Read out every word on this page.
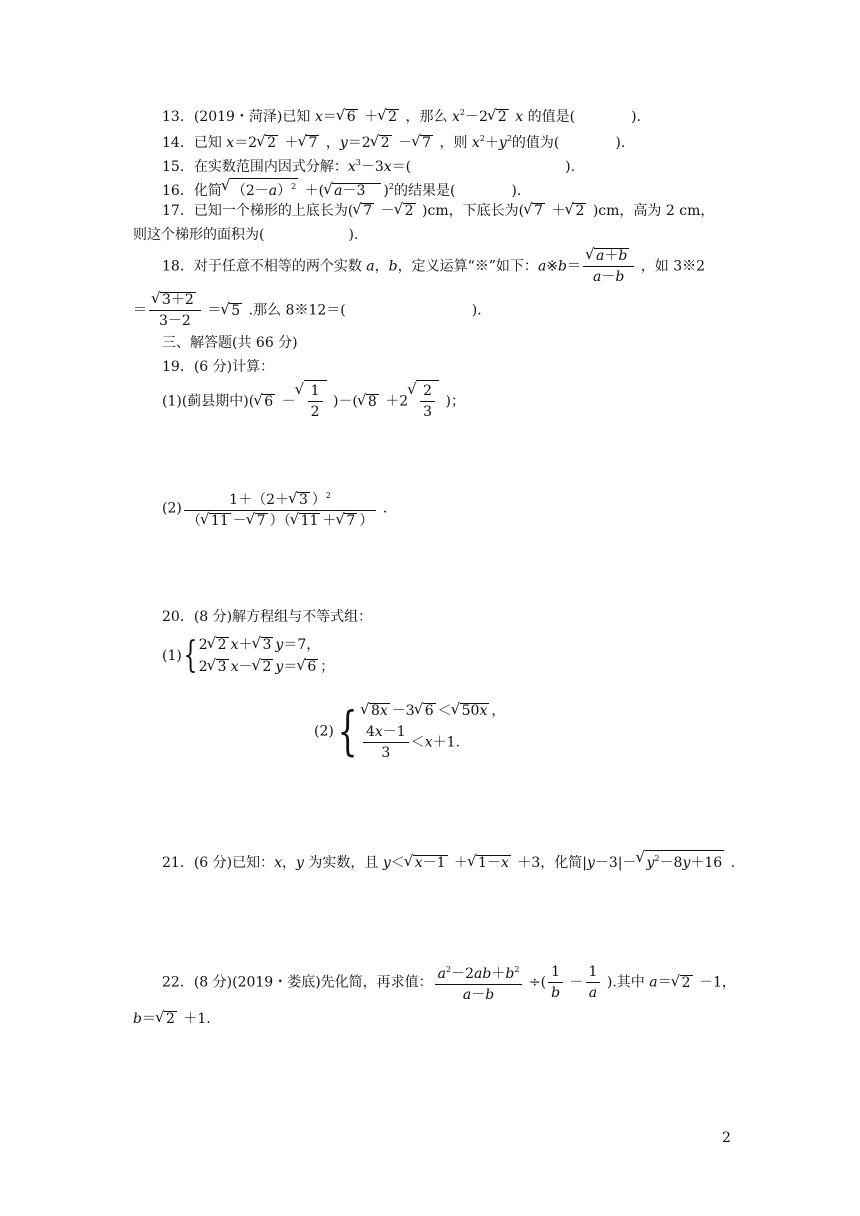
13．(2019・菏泽)已知 x＝√ 6 ＋√ 2 ，那么 $x^2-2√$ 2 x 的值是(　　　　).
14．已知 x＝2√ 2 ＋√ 7 ，y＝2√ 2 －√ 7 ，则 $x^2+y^2$的值为(　　　　).
15．在实数范围内因式分解：$x^3-3x=$(　　　　　　　　　　　).
16．化简√ $(2-a)^2$ ＋(√ a－3　)$^2$的结果是(　　　　).
17．已知一个梯形的上底长为(√ 7 －√ 2 )cm，下底长为(√ 7 ＋√ 2 )cm，高为 2 cm，
则这个梯形的面积为(　　　　　　).
18．对于任意不相等的两个实数 a，b，定义运算“※”如下：a※b＝
√ $\frac{a+b}{a-b}$ ，如 3※2
＝
√ $\frac{3+2}{3-2}$ ＝√ 5 .那么 8※12＝(　　　　　　　　　).
三、解答题(共 66 分)
19．(6 分)计算：
(1)(蓟县期中)(√ 6 －
√ $\frac{1}{2}$ )－(√ 8 ＋2
√ $\frac{2}{3}$ )；
$(2) \frac{1+(2+√ 3 )^2}{(√ 11 -√ 7 )(√ 11 +√ 7 )}$ .
20．(8 分)解方程组与不等式组：
(1){ 2√ 2 x＋√ 3 y＝7，
2√ 3 x－√ 2 y＝√ 6 ；
(2){
√ 8x －3√ 6 ＜√ 50x ，
$\frac{4x-1}{3} <x+1$.
21．(6 分)已知：x，y 为实数，且 y＜√ x－1 ＋√ 1－x ＋3，化简|y－3|－√ $y^2-8y+16$ .
22．(8 分)(2019・娄底)先化简，再求值： $\frac{a^2-2ab+b^2}{a-b}$ ÷( $\frac{1}{b} - \frac{1}{a}$ ).其中 a＝√ 2 －1，
b＝√ 2 ＋1.
2
